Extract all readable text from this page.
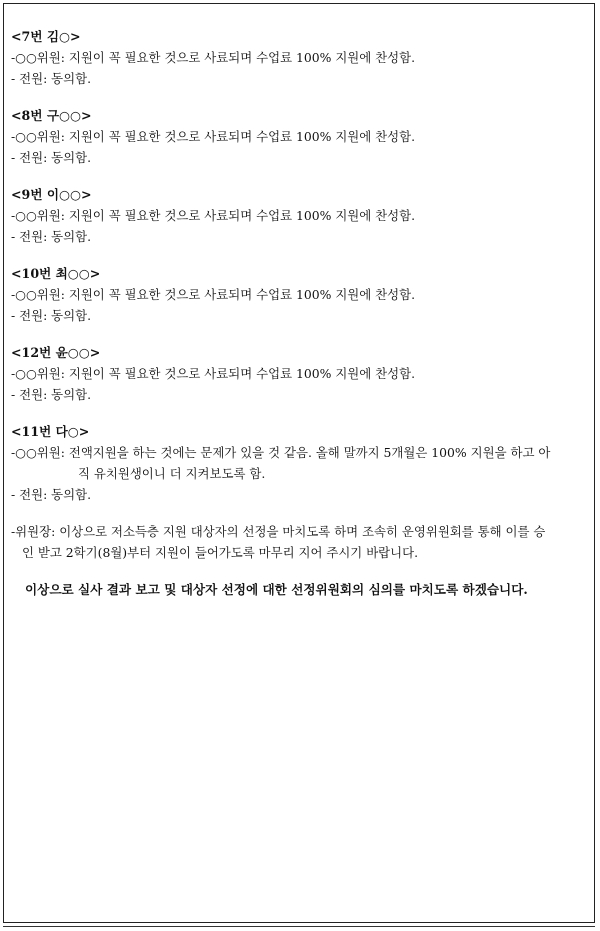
<7번 김○>
-○○위원: 지원이 꼭 필요한 것으로 사료되며 수업료 100% 지원에 찬성함.
- 전원: 동의함.
<8번 구○○>
-○○위원: 지원이 꼭 필요한 것으로 사료되며 수업료 100% 지원에 찬성함.
- 전원: 동의함.
<9번 이○○>
-○○위원: 지원이 꼭 필요한 것으로 사료되며 수업료 100% 지원에 찬성함.
- 전원: 동의함.
<10번 최○○>
-○○위원: 지원이 꼭 필요한 것으로 사료되며 수업료 100% 지원에 찬성함.
- 전원: 동의함.
<12번 윤○○>
-○○위원: 지원이 꼭 필요한 것으로 사료되며 수업료 100% 지원에 찬성함.
- 전원: 동의함.
<11번 다○>
-○○위원: 전액지원을 하는 것에는 문제가 있을 것 같음. 올해 말까지 5개월은 100% 지원을 하고 아
직 유치원생이니 더 지켜보도록 함.
- 전원: 동의함.
-위원장: 이상으로 저소득층 지원 대상자의 선정을 마치도록 하며 조속히 운영위원회를 통해 이를 승
인 받고 2학기(8월)부터 지원이 들어가도록 마무리 지어 주시기 바랍니다.
이상으로 실사 결과 보고 및 대상자 선정에 대한 선정위원회의 심의를 마치도록 하겠습니다.
